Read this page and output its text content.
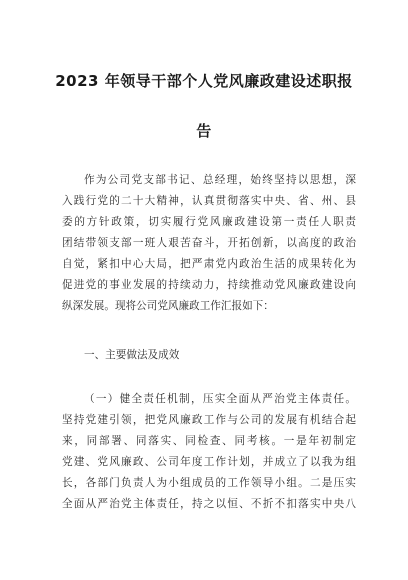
2023 年领导干部个人党风廉政建设述职报
告
作为公司党支部书记、总经理，始终坚持以思想，深
入践行党的二十大精神，认真贯彻落实中央、省、州、县
委的方针政策，切实履行党风廉政建设第一责任人职责
团结带领支部一班人艰苦奋斗，开拓创新，以高度的政治
自觉，紧扣中心大局，把严肃党内政治生活的成果转化为
促进党的事业发展的持续动力，持续推动党风廉政建设向
纵深发展。现将公司党风廉政工作汇报如下：
一、主要做法及成效
（一）健全责任机制，压实全面从严治党主体责任。
坚持党建引领，把党风廉政工作与公司的发展有机结合起
来，同部署、同落实、同检查、同考核。一是年初制定
党建、党风廉政、公司年度工作计划，并成立了以我为组
长，各部门负责人为小组成员的工作领导小组。二是压实
全面从严治党主体责任，持之以恒、不折不扣落实中央八
